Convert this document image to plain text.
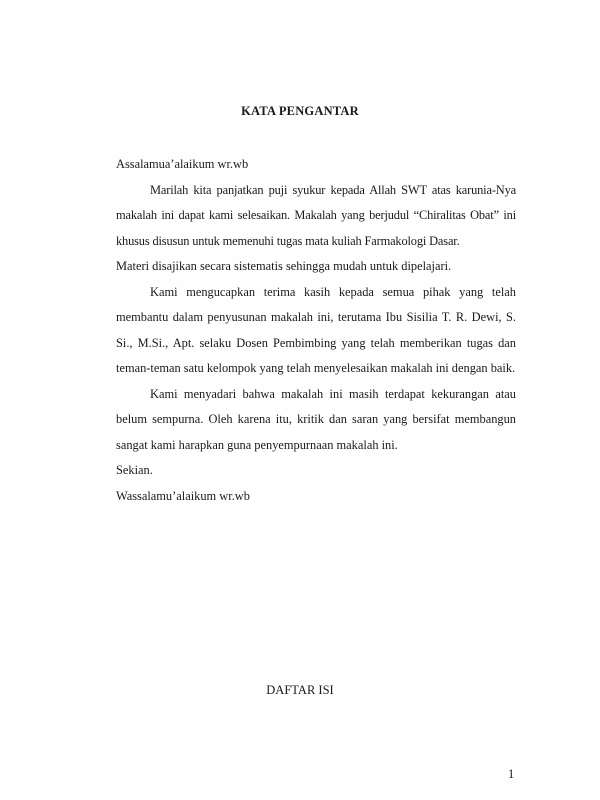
KATA PENGANTAR

Assalamua’alaikum wr.wb

Marilah kita panjatkan puji syukur kepada Allah SWT atas karunia-Nya makalah ini dapat kami selesaikan. Makalah yang berjudul “Chiralitas Obat” ini khusus disusun untuk memenuhi tugas mata kuliah Farmakologi Dasar.

Materi disajikan secara sistematis sehingga mudah untuk dipelajari.

Kami mengucapkan terima kasih kepada semua pihak yang telah membantu dalam penyusunan makalah ini, terutama Ibu Sisilia T. R. Dewi, S. Si., M.Si., Apt. selaku Dosen Pembimbing yang telah memberikan tugas dan teman-teman satu kelompok yang telah menyelesaikan makalah ini dengan baik.

Kami menyadari bahwa makalah ini masih terdapat kekurangan atau belum sempurna. Oleh karena itu, kritik dan saran yang bersifat membangun sangat kami harapkan guna penyempurnaan makalah ini.

Sekian.

Wassalamu’alaikum wr.wb

DAFTAR ISI
1
